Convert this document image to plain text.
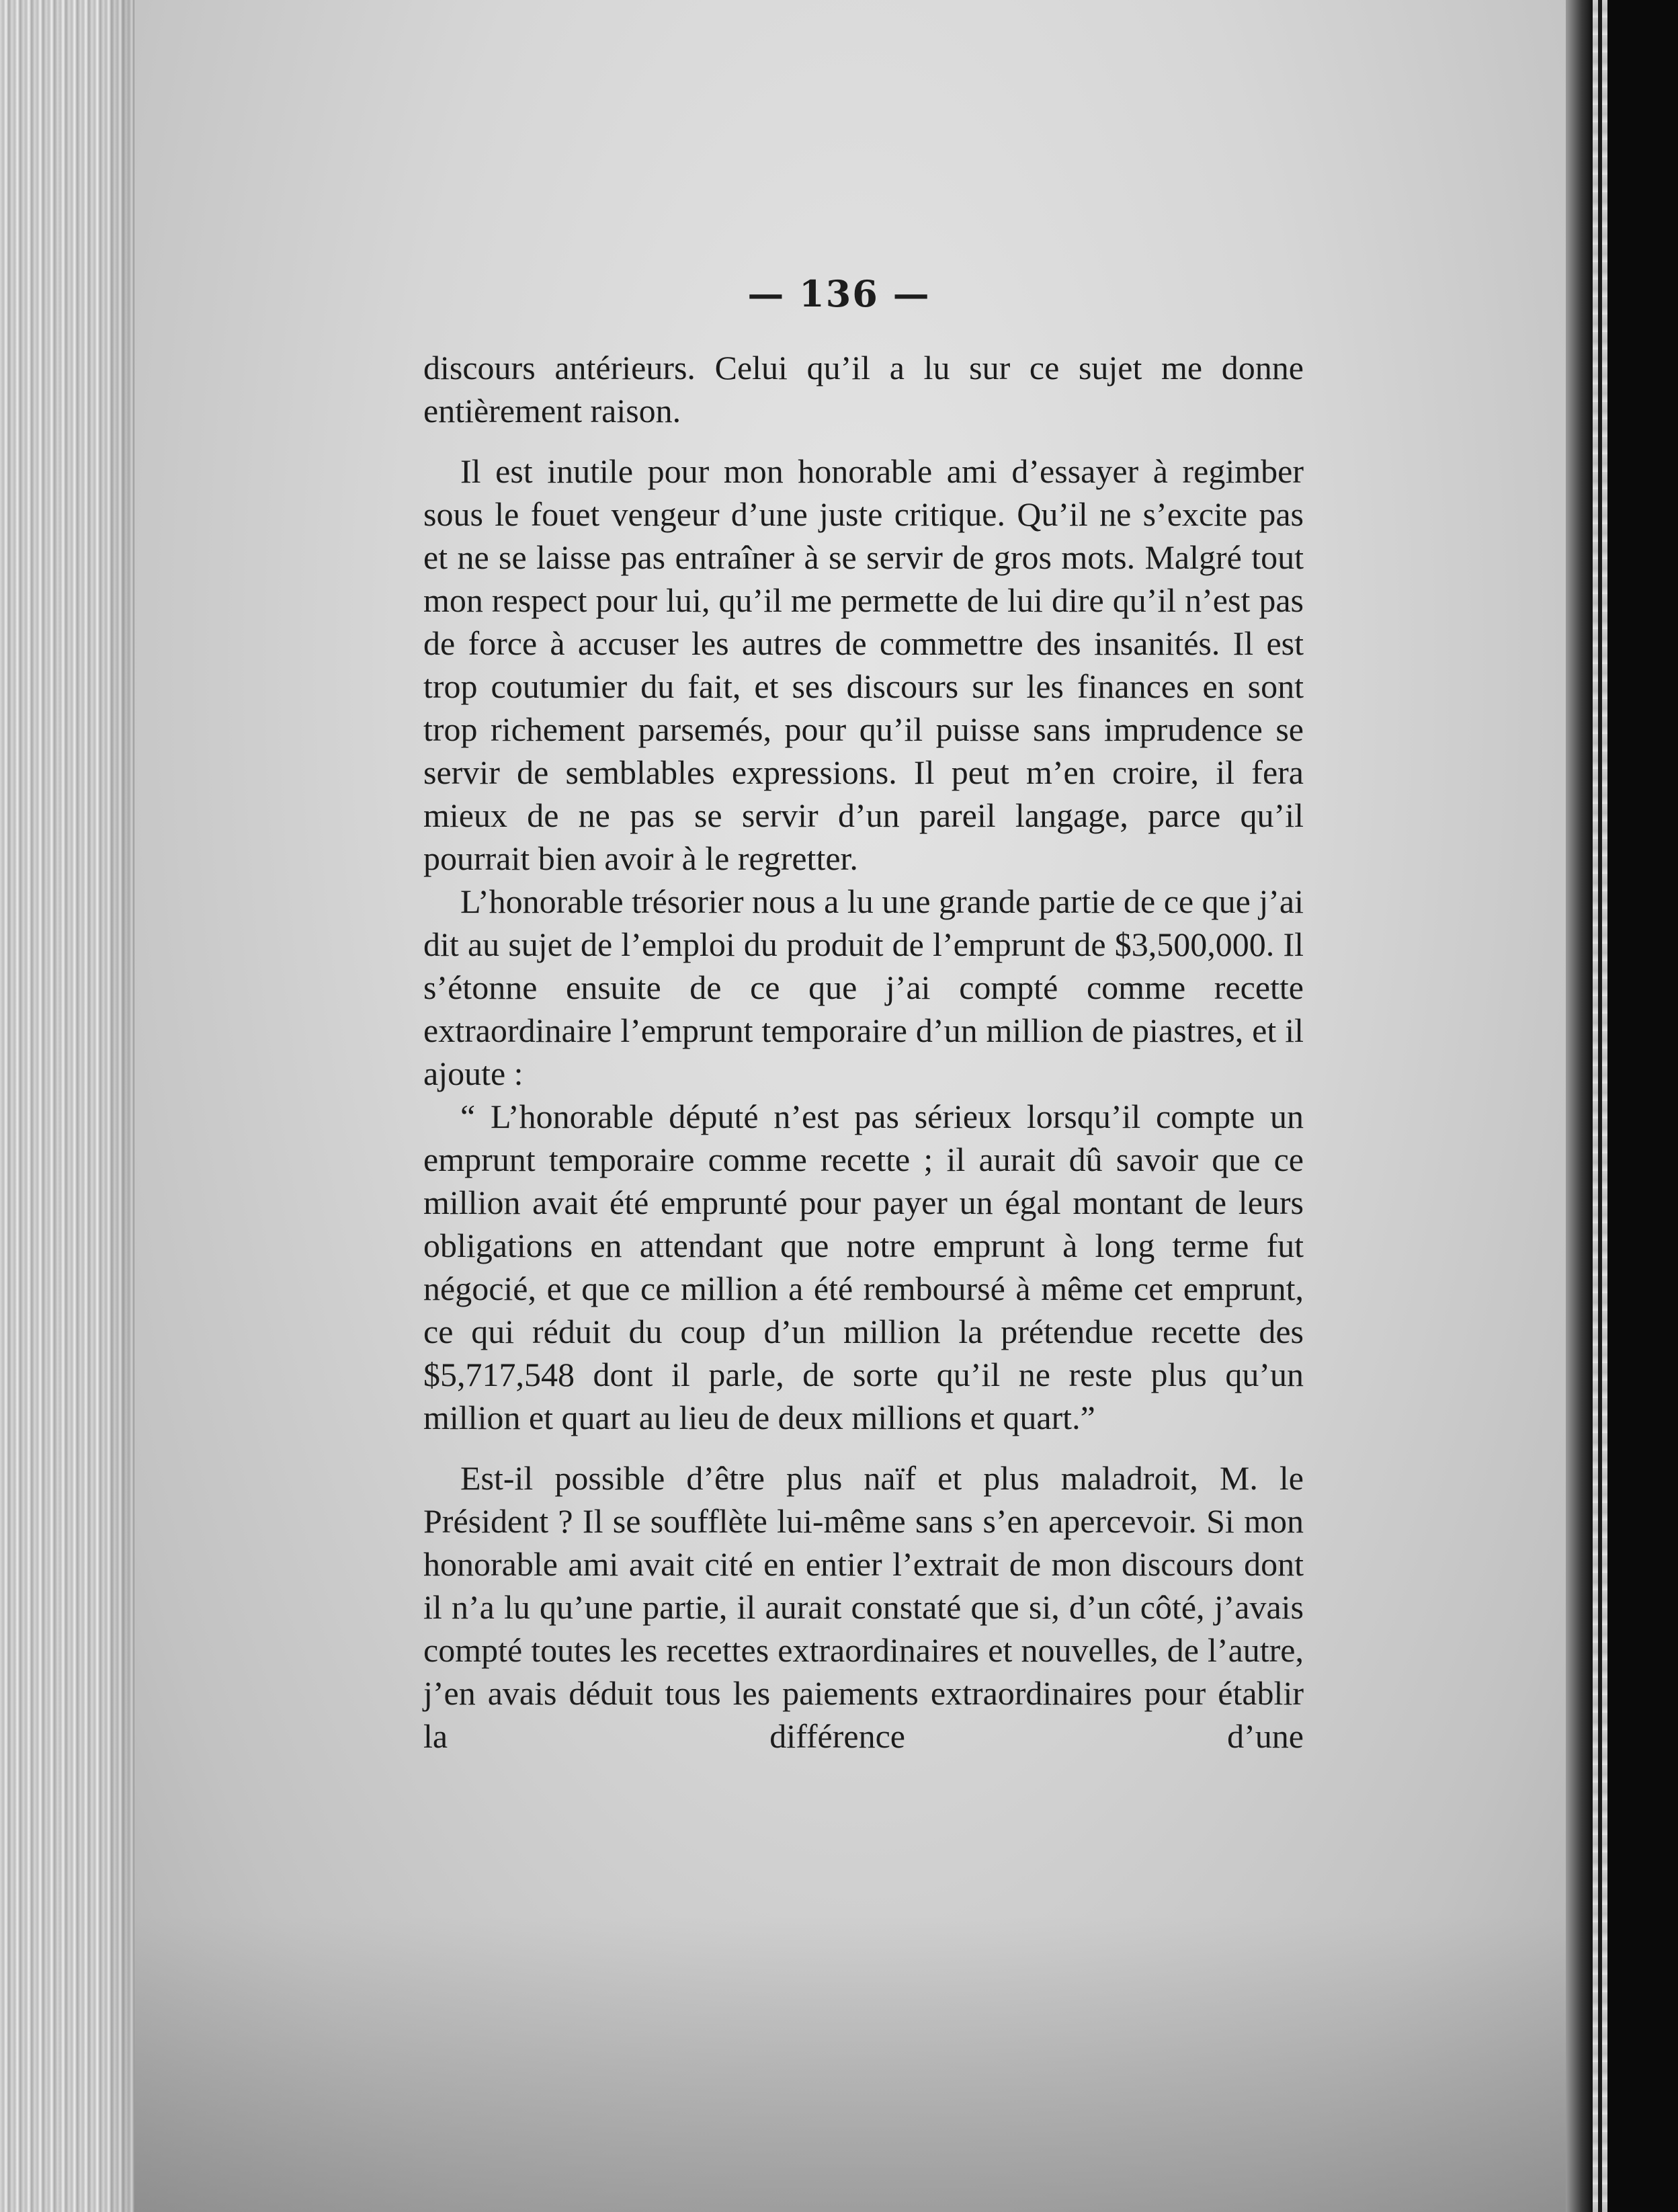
— 136 —

discours antérieurs. Celui qu’il a lu sur ce sujet me donne entièrement raison.

Il est inutile pour mon honorable ami d’essayer à regimber sous le fouet vengeur d’une juste critique. Qu’il ne s’excite pas et ne se laisse pas entraîner à se servir de gros mots. Malgré tout mon respect pour lui, qu’il me permette de lui dire qu’il n’est pas de force à accuser les autres de commettre des insanités. Il est trop coutumier du fait, et ses discours sur les finances en sont trop richement parsemés, pour qu’il puisse sans imprudence se servir de semblables expressions. Il peut m’en croire, il fera mieux de ne pas se servir d’un pareil langage, parce qu’il pourrait bien avoir à le regretter.

L’honorable trésorier nous a lu une grande partie de ce que j’ai dit au sujet de l’emploi du produit de l’emprunt de $3,500,000. Il s’étonne ensuite de ce que j’ai compté comme recette extraordinaire l’emprunt temporaire d’un million de piastres, et il ajoute :

“ L’honorable député n’est pas sérieux lorsqu’il compte un emprunt temporaire comme recette ; il aurait dû savoir que ce million avait été emprunté pour payer un égal montant de leurs obligations en attendant que notre emprunt à long terme fut négocié, et que ce million a été remboursé à même cet emprunt, ce qui réduit du coup d’un million la prétendue recette des $5,717,548 dont il parle, de sorte qu’il ne reste plus qu’un million et quart au lieu de deux millions et quart.”

Est-il possible d’être plus naïf et plus maladroit, M. le Président ? Il se soufflète lui-même sans s’en apercevoir. Si mon honorable ami avait cité en entier l’extrait de mon discours dont il n’a lu qu’une partie, il aurait constaté que si, d’un côté, j’avais compté toutes les recettes extraordinaires et nouvelles, de l’autre, j’en avais déduit tous les paiements extraordinaires pour établir la différence d’une
